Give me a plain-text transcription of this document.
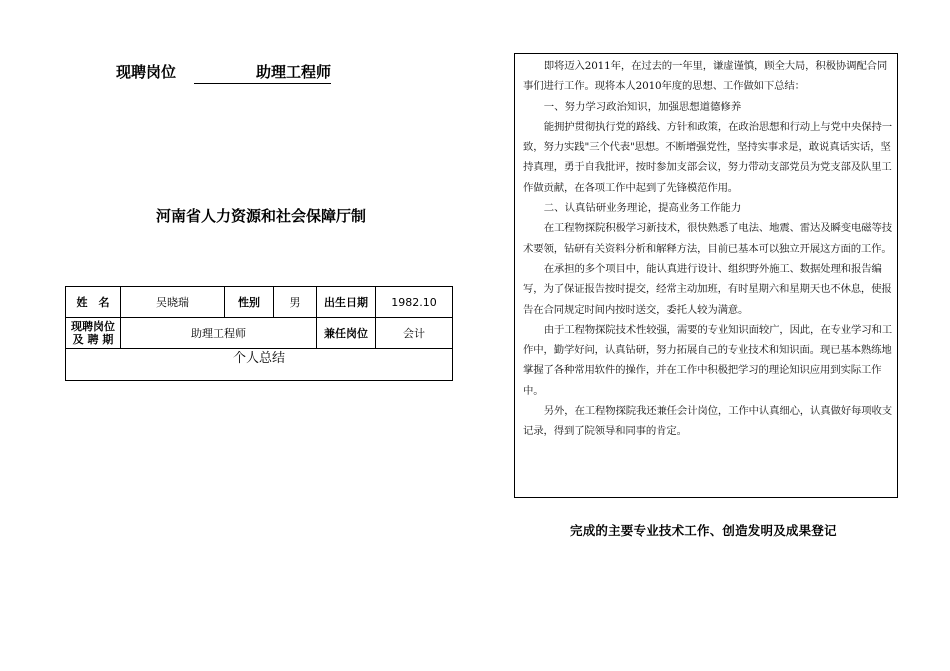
现聘岗位	助理工程师
河南省人力资源和社会保障厅制
姓　名	吴晓瑞	性别	男	出生日期	1982.10

现聘岗位
及 聘 期	助理工程师			兼任岗位	会计
个人总结					

即将迈入2011年，在过去的一年里，谦虚谨慎，顾全大局，积极协调配合同事们进行工作。现将本人2010年度的思想、工作做如下总结：

一、努力学习政治知识，加强思想道德修养

能拥护贯彻执行党的路线、方针和政策，在政治思想和行动上与党中央保持一致，努力实践"三个代表"思想。不断增强党性，坚持实事求是，敢说真话实话，坚持真理，勇于自我批评，按时参加支部会议，努力带动支部党员为党支部及队里工作做贡献，在各项工作中起到了先锋模范作用。

二、认真钻研业务理论，提高业务工作能力

在工程物探院积极学习新技术，很快熟悉了电法、地震、雷达及瞬变电磁等技术要领，钻研有关资料分析和解释方法，目前已基本可以独立开展这方面的工作。

在承担的多个项目中，能认真进行设计、组织野外施工、数据处理和报告编写，为了保证报告按时提交，经常主动加班，有时星期六和星期天也不休息，使报告在合同规定时间内按时送交，委托人较为满意。

由于工程物探院技术性较强，需要的专业知识面较广，因此，在专业学习和工作中，勤学好问，认真钻研，努力拓展自己的专业技术和知识面。现已基本熟练地掌握了各种常用软件的操作，并在工作中积极把学习的理论知识应用到实际工作中。

另外，在工程物探院我还兼任会计岗位，工作中认真细心，认真做好每项收支记录，得到了院领导和同事的肯定。

完成的主要专业技术工作、创造发明及成果登记
